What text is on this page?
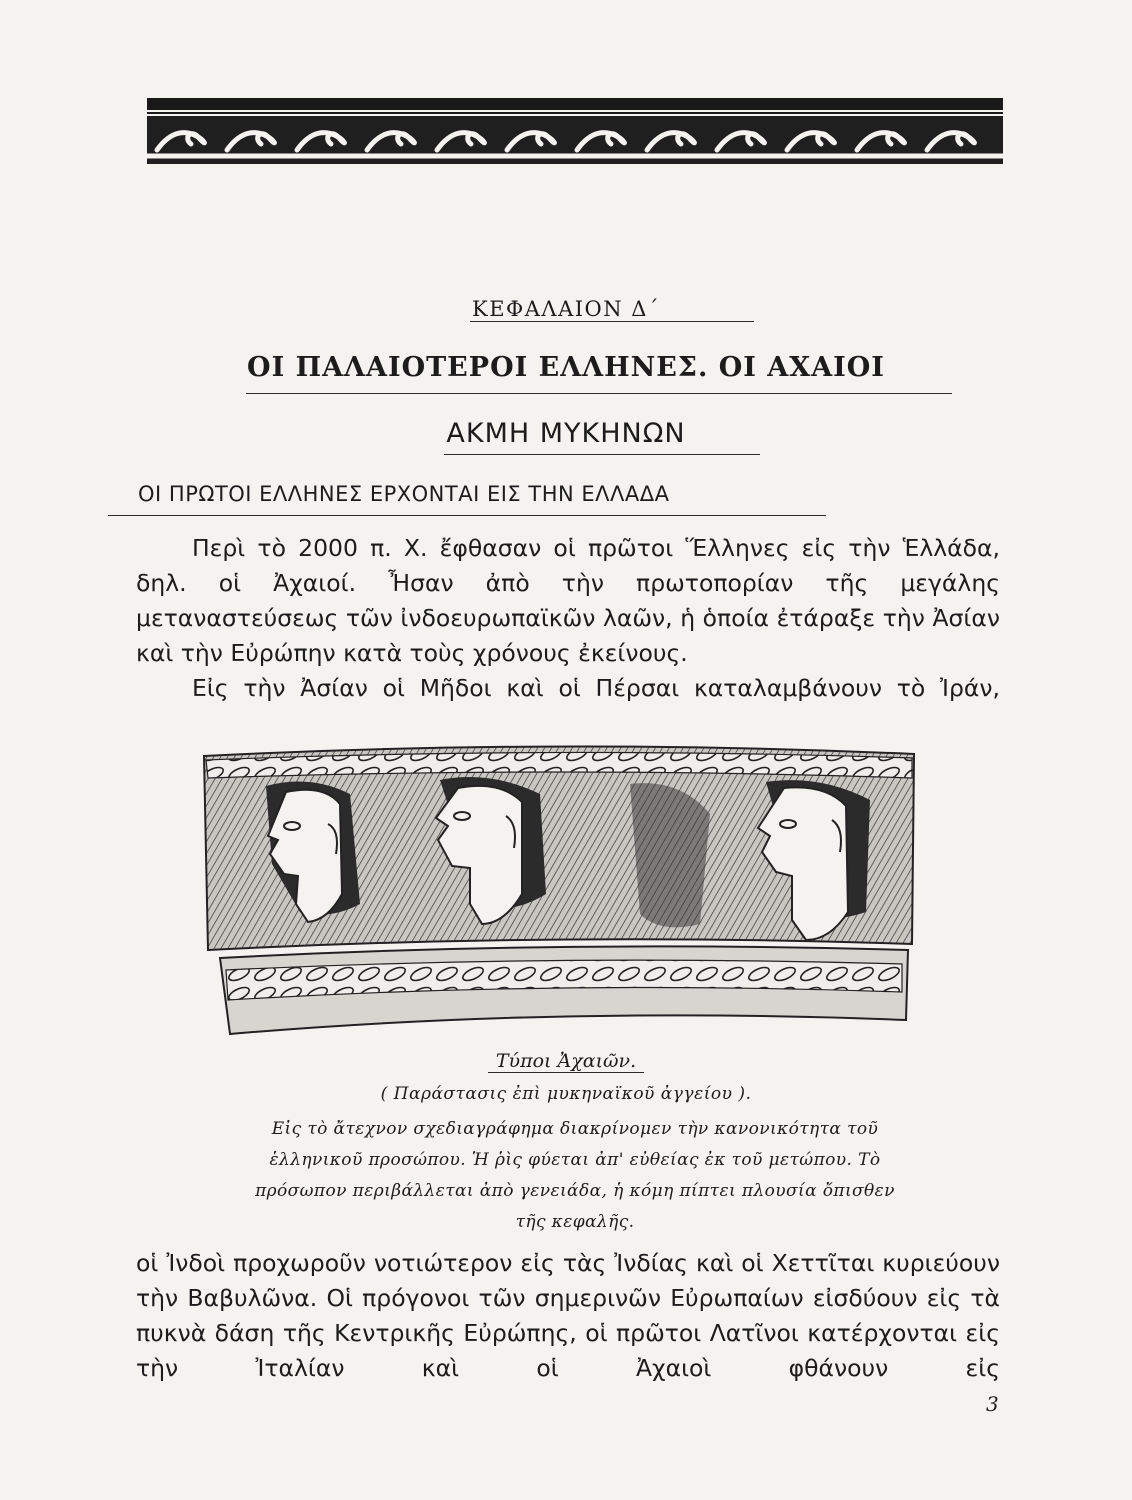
ΚΕΦΑΛΑΙΟΝ Δ΄
ΟΙ ΠΑΛΑΙΟΤΕΡΟΙ ΕΛΛΗΝΕΣ. ΟΙ ΑΧΑΙΟΙ
ΑΚΜΗ ΜΥΚΗΝΩΝ
ΟΙ ΠΡΩΤΟΙ ΕΛΛΗΝΕΣ ΕΡΧΟΝΤΑΙ ΕΙΣ ΤΗΝ ΕΛΛΑΔΑ

Περὶ τὸ 2000 π. Χ. ἔφθασαν οἱ πρῶτοι Ἕλληνες εἰς τὴν Ἑλλάδα, δηλ. οἱ Ἀχαιοί. Ἦσαν ἀπὸ τὴν πρωτοπορίαν τῆς μεγάλης μεταναστεύσεως τῶν ἰνδοευρωπαϊκῶν λαῶν, ἡ ὁποία ἐτάραξε τὴν Ἀσίαν καὶ τὴν Εὐρώπην κατὰ τοὺς χρόνους ἐκείνους.

Εἰς τὴν Ἀσίαν οἱ Μῆδοι καὶ οἱ Πέρσαι καταλαμβάνουν τὸ Ἰράν,

Τύποι Ἀχαιῶν.
( Παράστασις ἐπὶ μυκηναϊκοῦ ἀγγείου ).
Εἰς τὸ ἄτεχνον σχεδιαγράφημα διακρίνομεν τὴν κανονικότητα τοῦ ἑλληνικοῦ προσώπου. Ἡ ῥὶς φύεται ἀπ' εὐθείας ἐκ τοῦ μετώπου. Τὸ πρόσωπον περιβάλλεται ἀπὸ γενειάδα, ἡ κόμη πίπτει πλουσία ὄπισθεν τῆς κεφαλῆς.

οἱ Ἰνδοὶ προχωροῦν νοτιώτερον εἰς τὰς Ἰνδίας καὶ οἱ Χεττῖται κυριεύουν τὴν Βαβυλῶνα. Οἱ πρόγονοι τῶν σημερινῶν Εὐρωπαίων εἰσδύουν εἰς τὰ πυκνὰ δάση τῆς Κεντρικῆς Εὐρώπης, οἱ πρῶτοι Λατῖνοι κατέρχονται εἰς τὴν Ἰταλίαν καὶ οἱ Ἀχαιοὶ φθάνουν εἰς

3
